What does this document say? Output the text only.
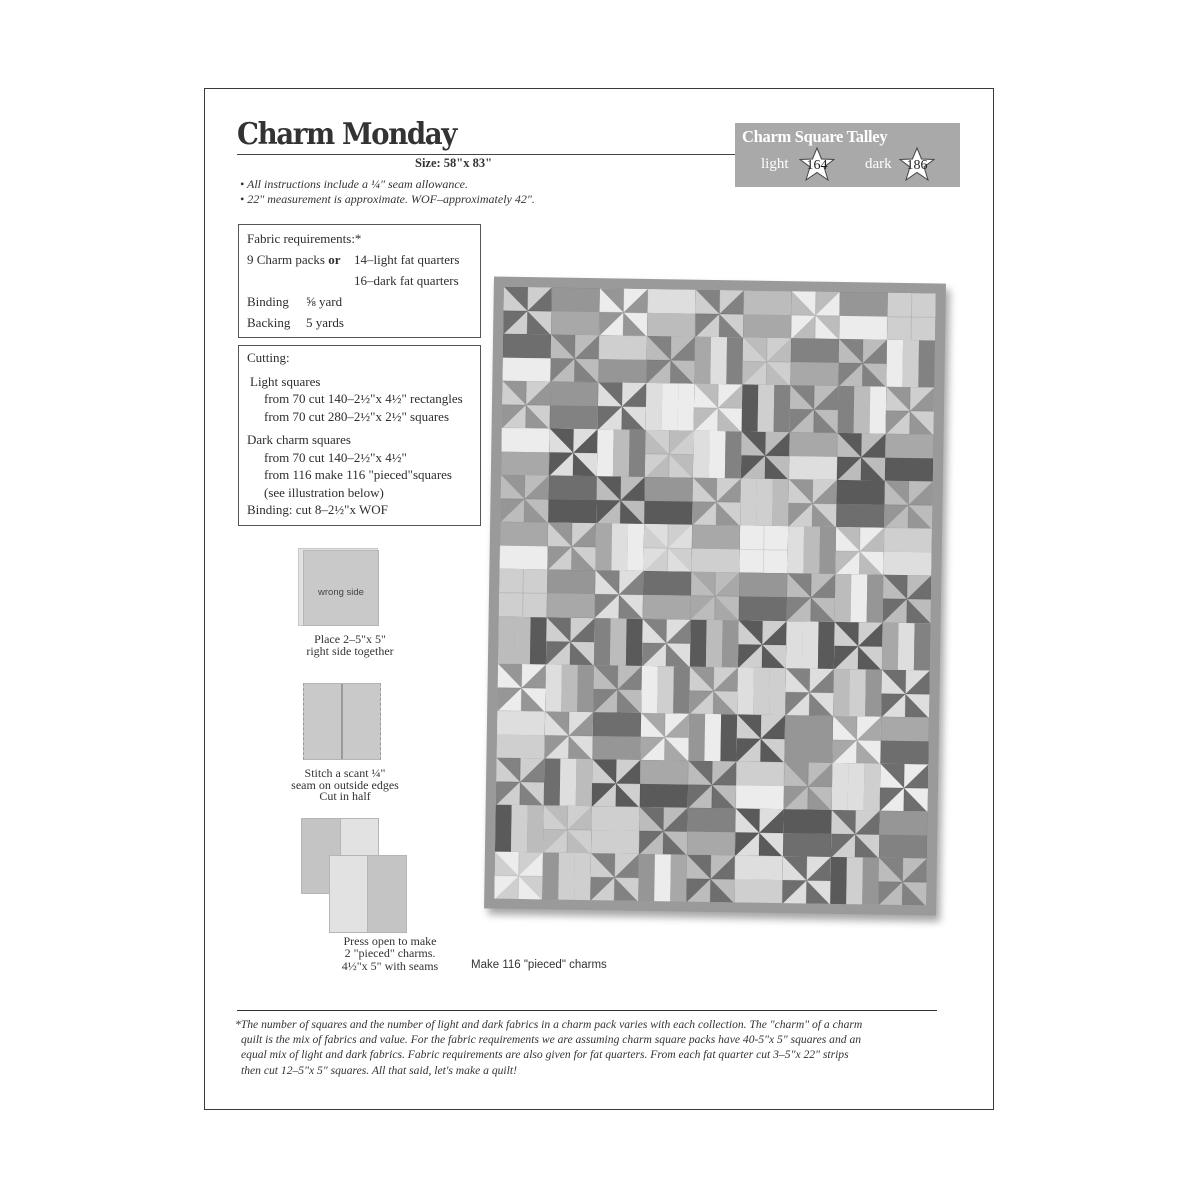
Charm Monday
Size: 58"x 83"
• All instructions include a ¼" seam allowance.
• 22" measurement is approximate. WOF–approximately 42".
Charm Square Talley
light	164	dark	186
Fabric requirements:*
9 Charm packs or 14–light fat quarters
16–dark fat quarters
Binding ⅝ yard
Backing 5 yards
Cutting:
Light squares
from 70 cut 140–2½"x 4½" rectangles
from 70 cut 280–2½"x 2½" squares
Dark charm squares
from 70 cut 140–2½"x 4½"
from 116 make 116 "pieced"squares
(see illustration below)
Binding: cut 8–2½"x WOF
wrong side
Place 2–5"x 5"
right side together
Stitch a scant ¼"
seam on outside edges
Cut in half
Press open to make
2 "pieced" charms.
4½"x 5" with seams	Make 116 "pieced" charms
*The number of squares and the number of light and dark fabrics in a charm pack varies with each collection. The "charm" of a charm
quilt is the mix of fabrics and value. For the fabric requirements we are assuming charm square packs have 40-5"x 5" squares and an
equal mix of light and dark fabrics. Fabric requirements are also given for fat quarters. From each fat quarter cut 3–5"x 22" strips
then cut 12–5"x 5" squares. All that said, let's make a quilt!
